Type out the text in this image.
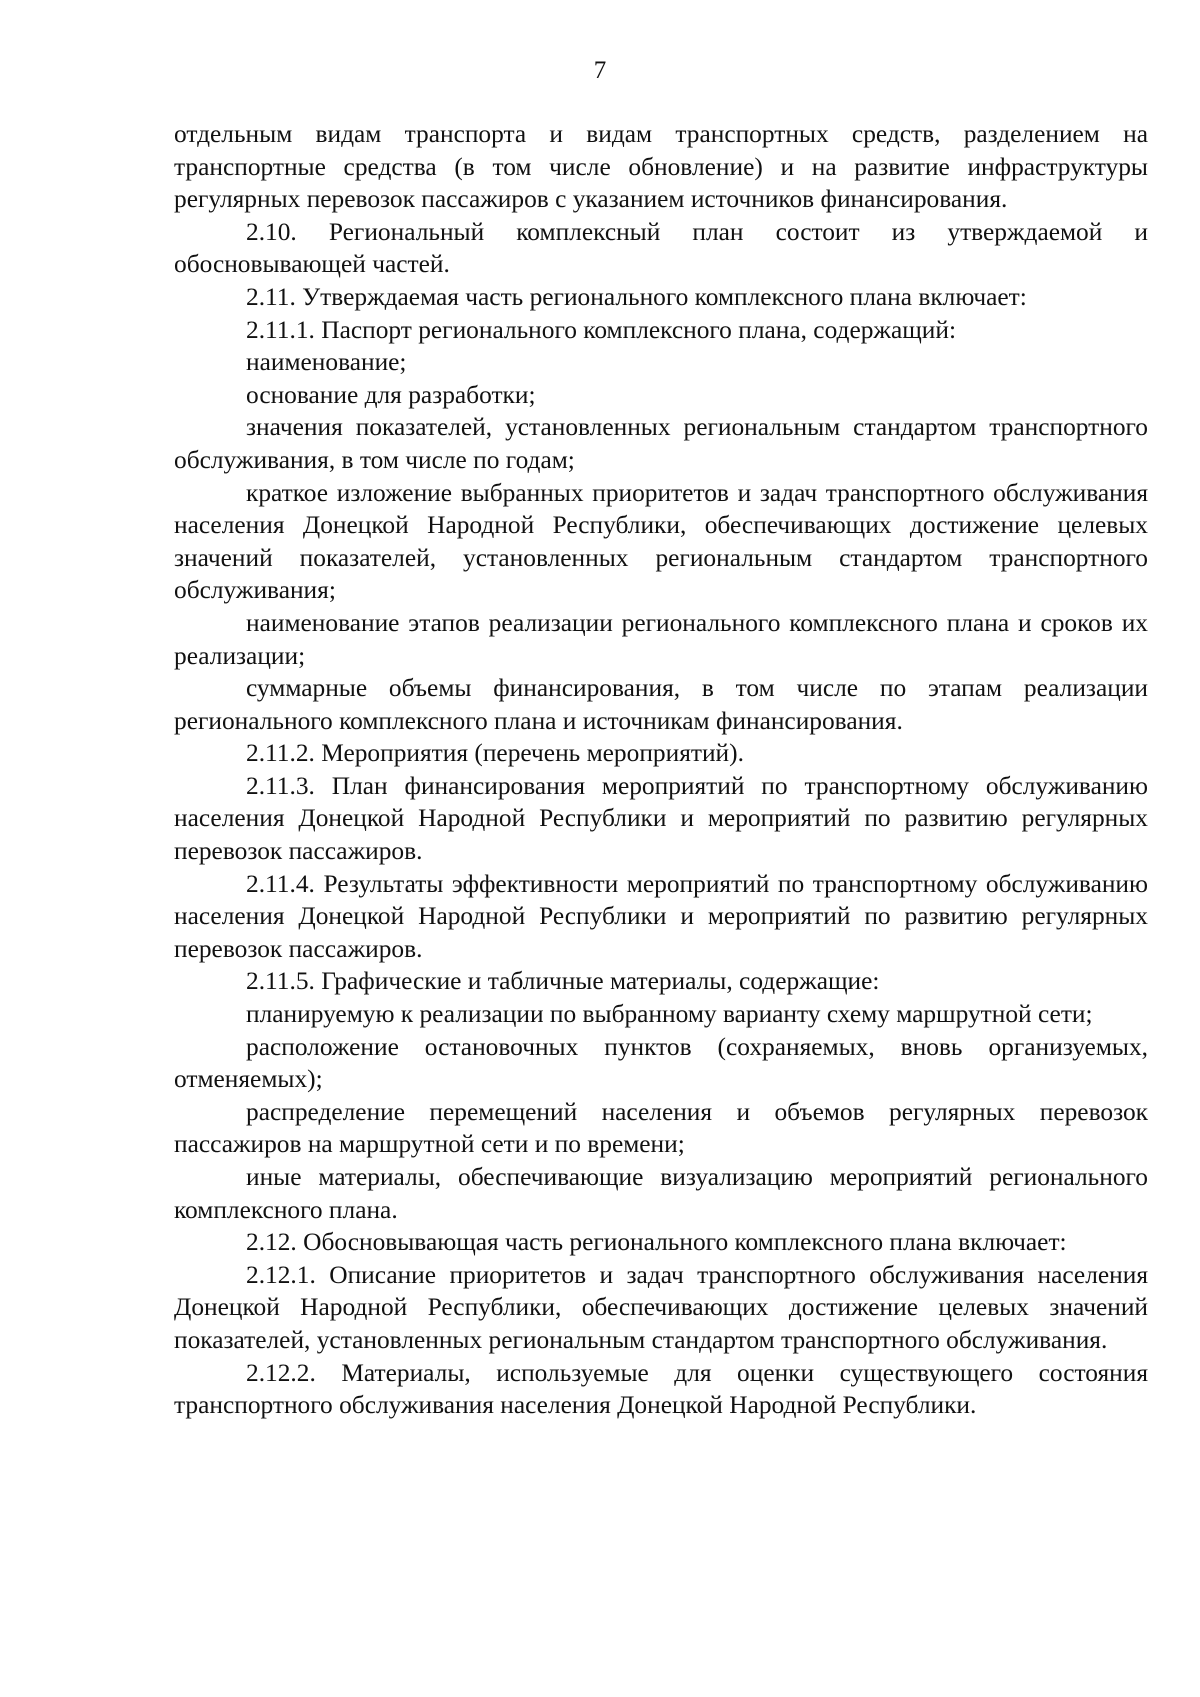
7

отдельным видам транспорта и видам транспортных средств, разделением на транспортные средства (в том числе обновление) и на развитие инфраструктуры регулярных перевозок пассажиров с указанием источников финансирования.

2.10. Региональный комплексный план состоит из утверждаемой и обосновывающей частей.

2.11. Утверждаемая часть регионального комплексного плана включает:

2.11.1. Паспорт регионального комплексного плана, содержащий:

наименование;

основание для разработки;

значения показателей, установленных региональным стандартом транспортного обслуживания, в том числе по годам;

краткое изложение выбранных приоритетов и задач транспортного обслуживания населения Донецкой Народной Республики, обеспечивающих достижение целевых значений показателей, установленных региональным стандартом транспортного обслуживания;

наименование этапов реализации регионального комплексного плана и сроков их реализации;

суммарные объемы финансирования, в том числе по этапам реализации регионального комплексного плана и источникам финансирования.

2.11.2. Мероприятия (перечень мероприятий).

2.11.3. План финансирования мероприятий по транспортному обслуживанию населения Донецкой Народной Республики и мероприятий по развитию регулярных перевозок пассажиров.

2.11.4. Результаты эффективности мероприятий по транспортному обслуживанию населения Донецкой Народной Республики и мероприятий по развитию регулярных перевозок пассажиров.

2.11.5. Графические и табличные материалы, содержащие:

планируемую к реализации по выбранному варианту схему маршрутной сети;

расположение остановочных пунктов (сохраняемых, вновь организуемых, отменяемых);

распределение перемещений населения и объемов регулярных перевозок пассажиров на маршрутной сети и по времени;

иные материалы, обеспечивающие визуализацию мероприятий регионального комплексного плана.

2.12. Обосновывающая часть регионального комплексного плана включает:

2.12.1. Описание приоритетов и задач транспортного обслуживания населения Донецкой Народной Республики, обеспечивающих достижение целевых значений показателей, установленных региональным стандартом транспортного обслуживания.

2.12.2. Материалы, используемые для оценки существующего состояния транспортного обслуживания населения Донецкой Народной Республики.
